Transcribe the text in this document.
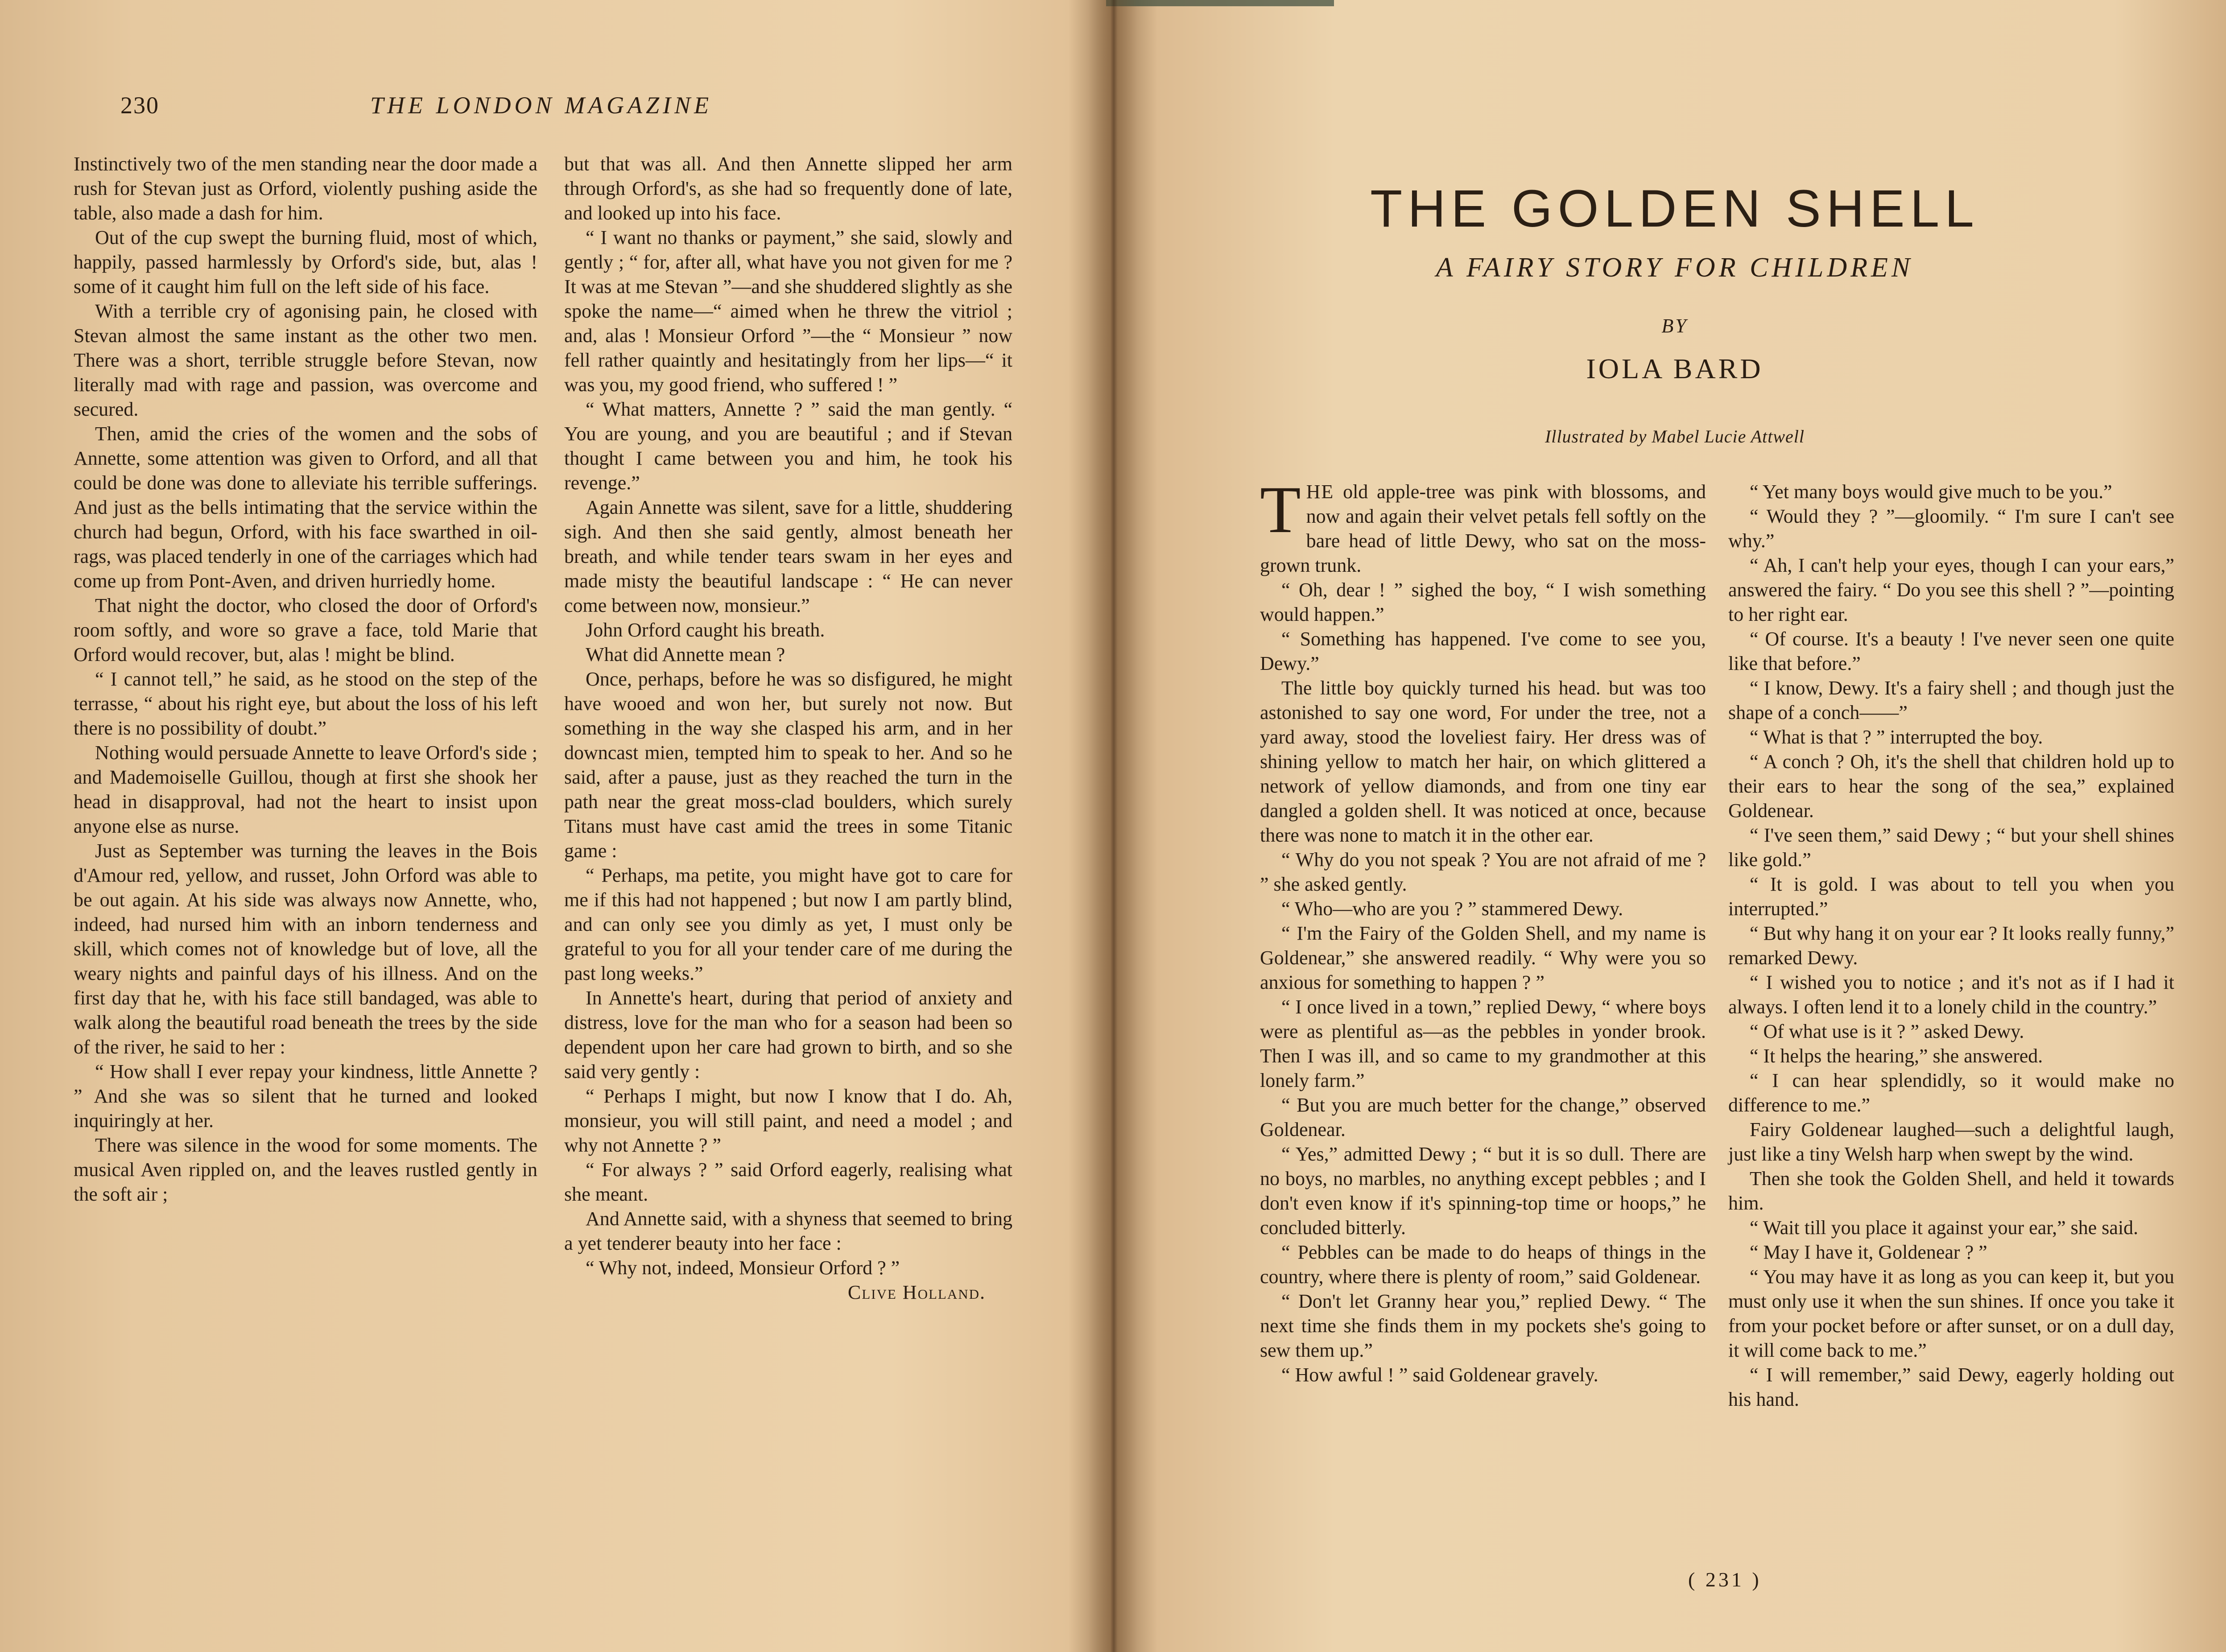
230	THE LONDON MAGAZINE

Instinctively two of the men standing near the door made a rush for Stevan just as Orford, violently pushing aside the table, also made a dash for him.

Out of the cup swept the burning fluid, most of which, happily, passed harmlessly by Orford's side, but, alas ! some of it caught him full on the left side of his face.

With a terrible cry of agonising pain, he closed with Stevan almost the same instant as the other two men. There was a short, terrible struggle before Stevan, now literally mad with rage and passion, was overcome and secured.

Then, amid the cries of the women and the sobs of Annette, some attention was given to Orford, and all that could be done was done to alleviate his terrible sufferings. And just as the bells intimating that the service within the church had begun, Orford, with his face swarthed in oil-rags, was placed tenderly in one of the carriages which had come up from Pont-Aven, and driven hurriedly home.

That night the doctor, who closed the door of Orford's room softly, and wore so grave a face, told Marie that Orford would recover, but, alas ! might be blind.

“ I cannot tell,” he said, as he stood on the step of the terrasse, “ about his right eye, but about the loss of his left there is no possibility of doubt.”

Nothing would persuade Annette to leave Orford's side ; and Mademoiselle Guillou, though at first she shook her head in disapproval, had not the heart to insist upon anyone else as nurse.

Just as September was turning the leaves in the Bois d'Amour red, yellow, and russet, John Orford was able to be out again. At his side was always now Annette, who, indeed, had nursed him with an inborn tenderness and skill, which comes not of knowledge but of love, all the weary nights and painful days of his illness. And on the first day that he, with his face still bandaged, was able to walk along the beautiful road beneath the trees by the side of the river, he said to her :

“ How shall I ever repay your kindness, little Annette ? ” And she was so silent that he turned and looked inquiringly at her.

There was silence in the wood for some moments. The musical Aven rippled on, and the leaves rustled gently in the soft air ;

but that was all. And then Annette slipped her arm through Orford's, as she had so frequently done of late, and looked up into his face.

“ I want no thanks or payment,” she said, slowly and gently ; “ for, after all, what have you not given for me ? It was at me Stevan ”—and she shuddered slightly as she spoke the name—“ aimed when he threw the vitriol ; and, alas ! Monsieur Orford ”—the “ Monsieur ” now fell rather quaintly and hesitatingly from her lips—“ it was you, my good friend, who suffered ! ”

“ What matters, Annette ? ” said the man gently. “ You are young, and you are beautiful ; and if Stevan thought I came between you and him, he took his revenge.”

Again Annette was silent, save for a little, shuddering sigh. And then she said gently, almost beneath her breath, and while tender tears swam in her eyes and made misty the beautiful landscape : “ He can never come between now, monsieur.”

John Orford caught his breath.

What did Annette mean ?

Once, perhaps, before he was so disfigured, he might have wooed and won her, but surely not now. But something in the way she clasped his arm, and in her downcast mien, tempted him to speak to her. And so he said, after a pause, just as they reached the turn in the path near the great moss-clad boulders, which surely Titans must have cast amid the trees in some Titanic game :

“ Perhaps, ma petite, you might have got to care for me if this had not happened ; but now I am partly blind, and can only see you dimly as yet, I must only be grateful to you for all your tender care of me during the past long weeks.”

In Annette's heart, during that period of anxiety and distress, love for the man who for a season had been so dependent upon her care had grown to birth, and so she said very gently :

“ Perhaps I might, but now I know that I do. Ah, monsieur, you will still paint, and need a model ; and why not Annette ? ”

“ For always ? ” said Orford eagerly, realising what she meant.

And Annette said, with a shyness that seemed to bring a yet tenderer beauty into her face :

“ Why not, indeed, Monsieur Orford ? ”

Clive Holland.

THE GOLDEN SHELL
A FAIRY STORY FOR CHILDREN
BY
IOLA BARD
Illustrated by Mabel Lucie Attwell

THE old apple-tree was pink with blossoms, and now and again their velvet petals fell softly on the bare head of little Dewy, who sat on the moss-grown trunk.

“ Oh, dear ! ” sighed the boy, “ I wish something would happen.”

“ Something has happened. I've come to see you, Dewy.”

The little boy quickly turned his head. but was too astonished to say one word, For under the tree, not a yard away, stood the loveliest fairy. Her dress was of shining yellow to match her hair, on which glittered a network of yellow diamonds, and from one tiny ear dangled a golden shell. It was noticed at once, because there was none to match it in the other ear.

“ Why do you not speak ? You are not afraid of me ? ” she asked gently.

“ Who—who are you ? ” stammered Dewy.

“ I'm the Fairy of the Golden Shell, and my name is Goldenear,” she answered readily. “ Why were you so anxious for something to happen ? ”

“ I once lived in a town,” replied Dewy, “ where boys were as plentiful as—as the pebbles in yonder brook. Then I was ill, and so came to my grandmother at this lonely farm.”

“ But you are much better for the change,” observed Goldenear.

“ Yes,” admitted Dewy ; “ but it is so dull. There are no boys, no marbles, no anything except pebbles ; and I don't even know if it's spinning-top time or hoops,” he concluded bitterly.

“ Pebbles can be made to do heaps of things in the country, where there is plenty of room,” said Goldenear.

“ Don't let Granny hear you,” replied Dewy. “ The next time she finds them in my pockets she's going to sew them up.”

“ How awful ! ” said Goldenear gravely.

“ Yet many boys would give much to be you.”

“ Would they ? ”—gloomily. “ I'm sure I can't see why.”

“ Ah, I can't help your eyes, though I can your ears,” answered the fairy. “ Do you see this shell ? ”—pointing to her right ear.

“ Of course. It's a beauty ! I've never seen one quite like that before.”

“ I know, Dewy. It's a fairy shell ; and though just the shape of a conch——”

“ What is that ? ” interrupted the boy.

“ A conch ? Oh, it's the shell that children hold up to their ears to hear the song of the sea,” explained Goldenear.

“ I've seen them,” said Dewy ; “ but your shell shines like gold.”

“ It is gold. I was about to tell you when you interrupted.”

“ But why hang it on your ear ? It looks really funny,” remarked Dewy.

“ I wished you to notice ; and it's not as if I had it always. I often lend it to a lonely child in the country.”

“ Of what use is it ? ” asked Dewy.

“ It helps the hearing,” she answered.

“ I can hear splendidly, so it would make no difference to me.”

Fairy Goldenear laughed—such a delightful laugh, just like a tiny Welsh harp when swept by the wind.

Then she took the Golden Shell, and held it towards him.

“ Wait till you place it against your ear,” she said.

“ May I have it, Goldenear ? ”

“ You may have it as long as you can keep it, but you must only use it when the sun shines. If once you take it from your pocket before or after sunset, or on a dull day, it will come back to me.”

“ I will remember,” said Dewy, eagerly holding out his hand.

( 231 )
